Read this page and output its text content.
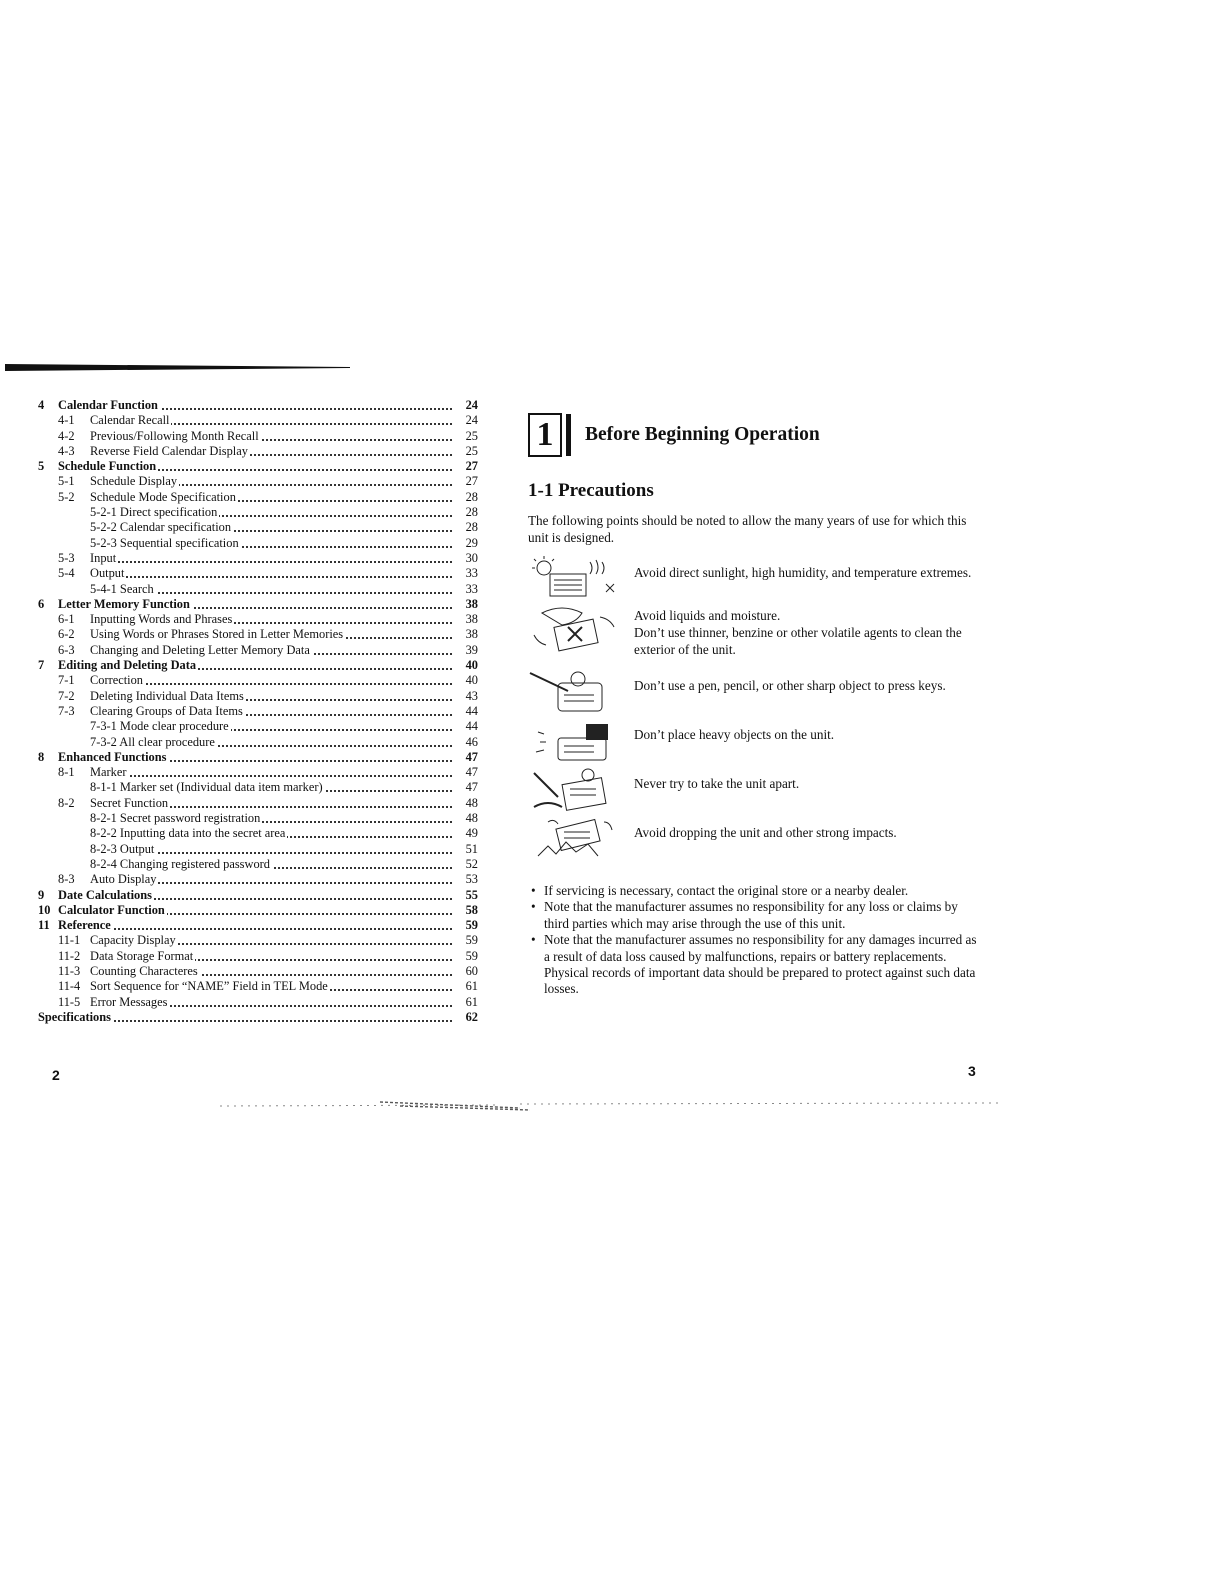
4 Calendar Function	24
4-1 Calendar Recall	24
4-2 Previous/Following Month Recall	25
4-3 Reverse Field Calendar Display	25
5 Schedule Function	27
5-1 Schedule Display	27
5-2 Schedule Mode Specification	28
5-2-1 Direct specification	28
5-2-2 Calendar specification	28
5-2-3 Sequential specification	29
5-3 Input	30
5-4 Output	33
5-4-1 Search	33
6 Letter Memory Function	38
6-1 Inputting Words and Phrases	38
6-2 Using Words or Phrases Stored in Letter Memories	38
6-3 Changing and Deleting Letter Memory Data	39
7 Editing and Deleting Data	40
7-1 Correction	40
7-2 Deleting Individual Data Items	43
7-3 Clearing Groups of Data Items	44
7-3-1 Mode clear procedure	44
7-3-2 All clear procedure	46
8 Enhanced Functions	47
8-1 Marker	47
8-1-1 Marker set (Individual data item marker)	47
8-2 Secret Function	48
8-2-1 Secret password registration	48
8-2-2 Inputting data into the secret area	49
8-2-3 Output	51
8-2-4 Changing registered password	52
8-3 Auto Display	53
9 Date Calculations	55
10 Calculator Function	58
11 Reference	59
11-1 Capacity Display	59
11-2 Data Storage Format	59
11-3 Counting Characteres	60
11-4 Sort Sequence for “NAME” Field in TEL Mode	61
11-5 Error Messages	61
Specifications	62
2	3
1	Before Beginning Operation
1-1 Precautions
The following points should be noted to allow the many years of use for which this unit is designed.
Avoid direct sunlight, high humidity, and temperature extremes.
Avoid liquids and moisture.
Don’t use thinner, benzine or other volatile agents to clean the exterior of the unit.
Don’t use a pen, pencil, or other sharp object to press keys.
Don’t place heavy objects on the unit.
Never try to take the unit apart.
Avoid dropping the unit and other strong impacts.
• If servicing is necessary, contact the original store or a nearby dealer.
• Note that the manufacturer assumes no responsibility for any loss or claims by third parties which may arise through the use of this unit.
• Note that the manufacturer assumes no responsibility for any damages incurred as a result of data loss caused by malfunctions, repairs or battery replacements. Physical records of important data should be prepared to protect against such data losses.
